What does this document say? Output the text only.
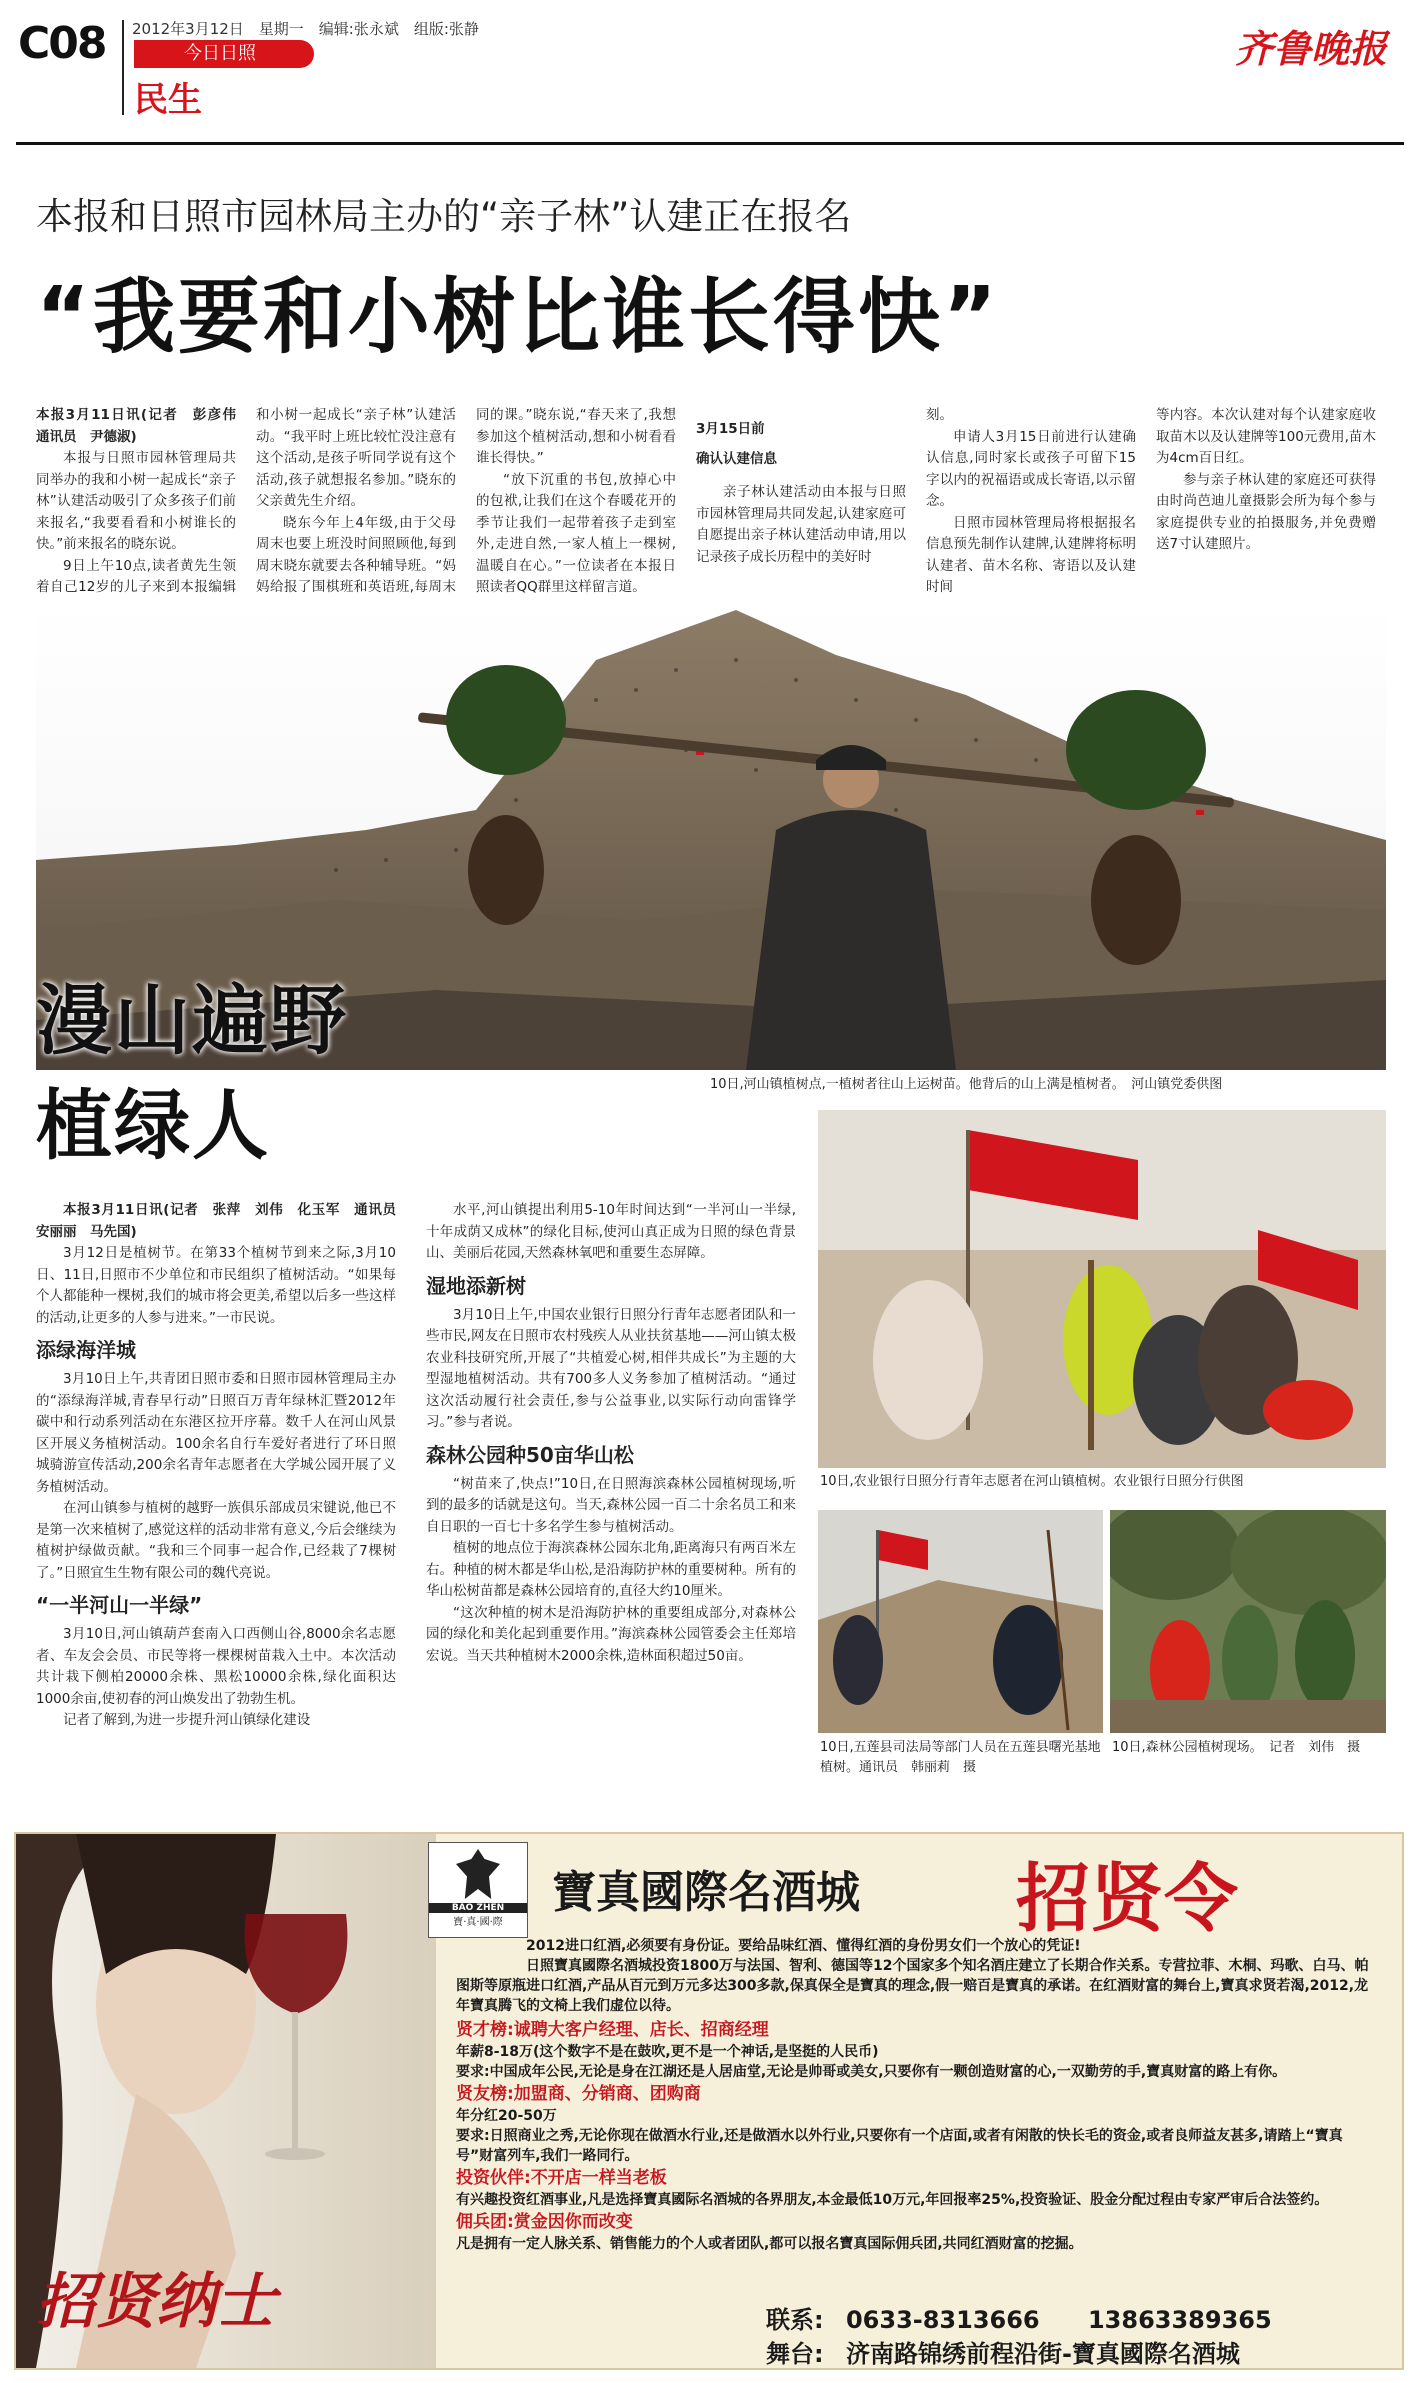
C08 2012年3月12日　星期一　编辑:张永斌　组版:张静
今日日照
民生
齐鲁晚报
本报和日照市园林局主办的“亲子林”认建正在报名
“我要和小树比谁长得快”

本报3月11日讯(记者　彭彦伟　通讯员　尹德淑)

本报与日照市园林管理局共同举办的我和小树一起成长“亲子林”认建活动吸引了众多孩子们前来报名,“我要看看和小树谁长的快。”前来报名的晓东说。

9日上午10点,读者黄先生领着自己12岁的儿子来到本报编辑

和小树一起成长“亲子林”认建活动。“我平时上班比较忙没注意有这个活动,是孩子听同学说有这个活动,孩子就想报名参加。”晓东的父亲黄先生介绍。

晓东今年上4年级,由于父母周末也要上班没时间照顾他,每到周末晓东就要去各种辅导班。“妈妈给报了围棋班和英语班,每周末

同的课。”晓东说,“春天来了,我想参加这个植树活动,想和小树看看谁长得快。”

“放下沉重的书包,放掉心中的包袱,让我们在这个春暖花开的季节让我们一起带着孩子走到室外,走进自然,一家人植上一棵树,温暖自在心。”一位读者在本报日照读者QQ群里这样留言道。

3月15日前

确认认建信息

亲子林认建活动由本报与日照市园林管理局共同发起,认建家庭可自愿提出亲子林认建活动申请,用以记录孩子成长历程中的美好时

刻。

申请人3月15日前进行认建确认信息,同时家长或孩子可留下15字以内的祝福语或成长寄语,以示留念。

日照市园林管理局将根据报名信息预先制作认建牌,认建牌将标明认建者、苗木名称、寄语以及认建时间

等内容。本次认建对每个认建家庭收取苗木以及认建牌等100元费用,苗木为4cm百日红。

参与亲子林认建的家庭还可获得由时尚芭迪儿童摄影会所为每个参与家庭提供专业的拍摄服务,并免费赠送7寸认建照片。

10日,河山镇植树点,一植树者往山上运树苗。他背后的山上满是植树者。　河山镇党委供图
漫山遍野
植绿人

本报3月11日讯(记者　张萍　刘伟　化玉军　通讯员　安丽丽　马先国)

3月12日是植树节。在第33个植树节到来之际,3月10日、11日,日照市不少单位和市民组织了植树活动。“如果每个人都能种一棵树,我们的城市将会更美,希望以后多一些这样的活动,让更多的人参与进来。”一市民说。

添绿海洋城

3月10日上午,共青团日照市委和日照市园林管理局主办的“添绿海洋城,青春早行动”日照百万青年绿林汇暨2012年碳中和行动系列活动在东港区拉开序幕。数千人在河山风景区开展义务植树活动。100余名自行车爱好者进行了环日照城骑游宣传活动,200余名青年志愿者在大学城公园开展了义务植树活动。

在河山镇参与植树的越野一族俱乐部成员宋键说,他已不是第一次来植树了,感觉这样的活动非常有意义,今后会继续为植树护绿做贡献。“我和三个同事一起合作,已经栽了7棵树了。”日照宜生生物有限公司的魏代亮说。

“一半河山一半绿”

3月10日,河山镇葫芦套南入口西侧山谷,8000余名志愿者、车友会会员、市民等将一棵棵树苗栽入土中。本次活动共计栽下侧柏20000余株、黑松10000余株,绿化面积达1000余亩,使初春的河山焕发出了勃勃生机。

记者了解到,为进一步提升河山镇绿化建设

水平,河山镇提出利用5-10年时间达到“一半河山一半绿,十年成荫又成林”的绿化目标,使河山真正成为日照的绿色背景山、美丽后花园,天然森林氧吧和重要生态屏障。

湿地添新树

3月10日上午,中国农业银行日照分行青年志愿者团队和一些市民,网友在日照市农村残疾人从业扶贫基地——河山镇太极农业科技研究所,开展了“共植爱心树,相伴共成长”为主题的大型湿地植树活动。共有700多人义务参加了植树活动。“通过这次活动履行社会责任,参与公益事业,以实际行动向雷锋学习。”参与者说。

森林公园种50亩华山松

“树苗来了,快点!”10日,在日照海滨森林公园植树现场,听到的最多的话就是这句。当天,森林公园一百二十余名员工和来自日职的一百七十多名学生参与植树活动。

植树的地点位于海滨森林公园东北角,距离海只有两百米左右。种植的树木都是华山松,是沿海防护林的重要树种。所有的华山松树苗都是森林公园培育的,直径大约10厘米。

“这次种植的树木是沿海防护林的重要组成部分,对森林公园的绿化和美化起到重要作用。”海滨森林公园管委会主任郑培宏说。当天共种植树木2000余株,造林面积超过50亩。

10日,农业银行日照分行青年志愿者在河山镇植树。农业银行日照分行供图
10日,五莲县司法局等部门人员在五莲县曙光基地植树。通讯员　韩丽莉　摄
10日,森林公园植树现场。　记者　刘伟　摄
招贤纳士
BAO ZHEN
寶·真·國·際
寶真國際名酒城 招贤令
2012进口红酒,必须要有身份证。要给品味红酒、懂得红酒的身份男女们一个放心的凭证!
日照寶真國際名酒城投资1800万与法国、智利、德国等12个国家多个知名酒庄建立了长期合作关系。专营拉菲、木桐、玛歌、白马、帕图斯等原瓶进口红酒,产品从百元到万元多达300多款,保真保全是寶真的理念,假一赔百是寶真的承诺。在红酒财富的舞台上,寶真求贤若渴,2012,龙年寶真腾飞的文椅上我们虚位以待。
贤才榜:诚聘大客户经理、店长、招商经理
年薪8-18万(这个数字不是在鼓吹,更不是一个神话,是坚挺的人民币)
要求:中国成年公民,无论是身在江湖还是人居庙堂,无论是帅哥或美女,只要你有一颗创造财富的心,一双勤劳的手,寶真财富的路上有你。
贤友榜:加盟商、分销商、团购商
年分红20-50万
要求:日照商业之秀,无论你现在做酒水行业,还是做酒水以外行业,只要你有一个店面,或者有闲散的快长毛的资金,或者良师益友甚多,请踏上“寶真号”财富列车,我们一路同行。
投资伙伴:不开店一样当老板
有兴趣投资红酒事业,凡是选择寶真國际名酒城的各界朋友,本金最低10万元,年回报率25%,投资验证、股金分配过程由专家严审后合法签约。
佣兵团:赏金因你而改变
凡是拥有一定人脉关系、销售能力的个人或者团队,都可以报名寶真国际佣兵团,共同红酒财富的挖掘。
联系: 0633-8313666 13863389365
舞台: 济南路锦绣前程沿街-寶真國際名酒城
